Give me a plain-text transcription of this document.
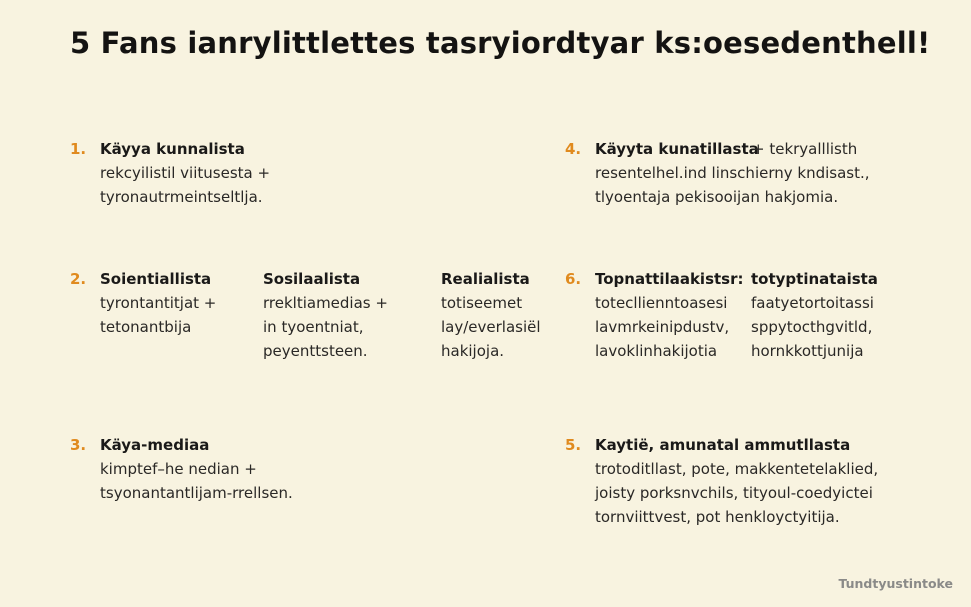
5 Fans ianrylittlettes tasryiordtyar ks:oesedenthell!
1. Käyya kunnalista
rekcyilistil viitusesta +
tyronautrmeintseltlja.
4. Käyyta kunatillasta
+ tekryalllisth
resentelhel.ind linschierny kndisast.,
tlyoentaja pekisooijan hakjomia.
2. Soientiallista
tyrontantitjat +
tetonantbija
Sosilaalista
rrekltiamedias +
in tyoentniat,
peyenttsteen.
Realialista
totiseemet
lay/everlasiël
hakijoja.
6. Topnattilaakistsr:
totecllienntoasesi
lavmrkeinipdustv,
lavoklinhakijotia
totyptinataista
faatyetortoitassi
sppytocthgvitld,
hornkkottjunija
3. Käya-mediaa
kimptef–he nedian +
tsyonantantlijam-rrellsen.
5. Kaytië, amunatal ammutllasta
trotoditllast, pote, makkentetelaklied,
joisty porksnvchils, tityoul-coedyictei
tornviittvest, pot henkloyctyitija.
Tundtyustintoke
